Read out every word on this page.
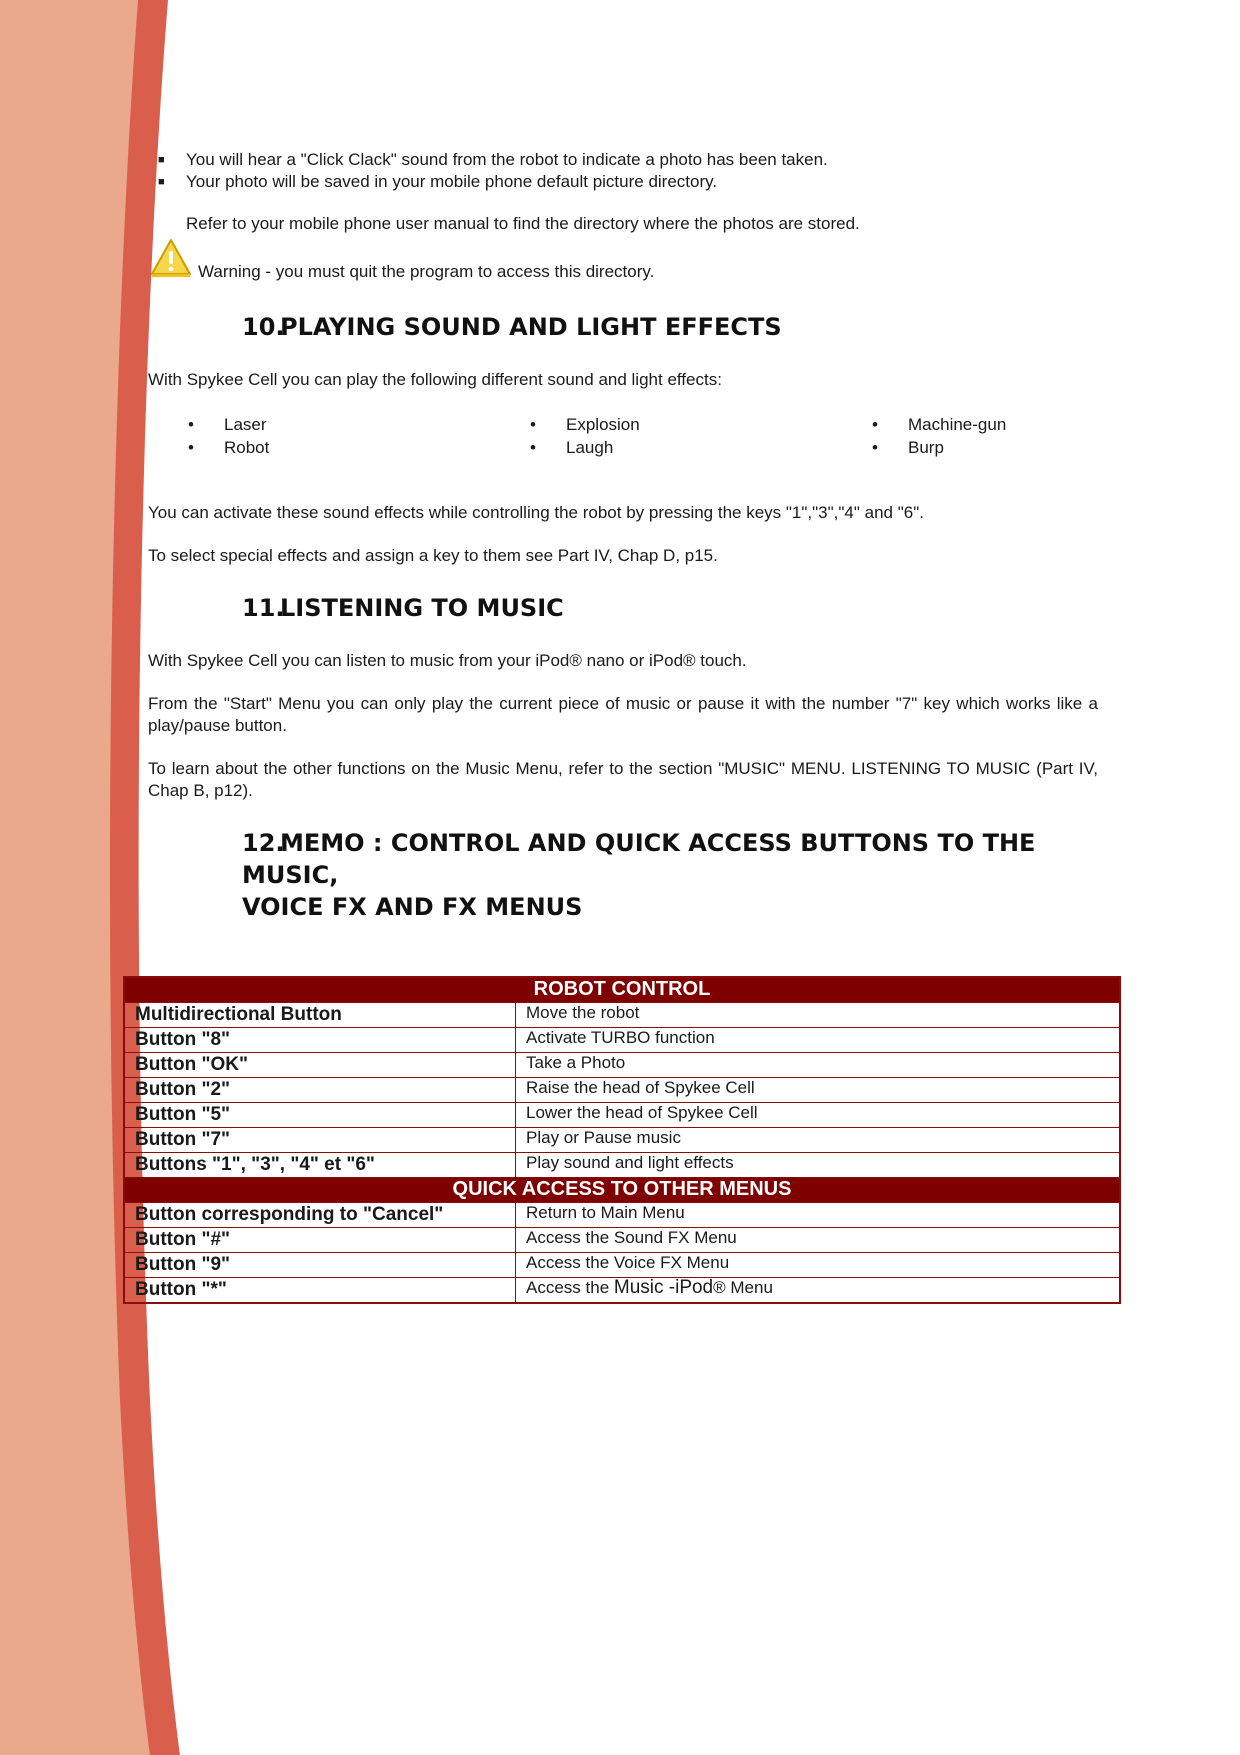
■ You will hear a "Click Clack" sound from the robot to indicate a photo has been taken.
■ Your photo will be saved in your mobile phone default picture directory.
Refer to your mobile phone user manual to find the directory where the photos are stored.
Warning - you must quit the program to access this directory.
10.PLAYING SOUND AND LIGHT EFFECTS
With Spykee Cell you can play the following different sound and light effects:
• Laser
• Robot
• Explosion
• Laugh
• Machine-gun
• Burp
You can activate these sound effects while controlling the robot by pressing the keys "1","3","4" and "6".
To select special effects and assign a key to them see Part IV, Chap D, p15.
11.LISTENING TO MUSIC
With Spykee Cell you can listen to music from your iPod® nano or iPod® touch.
From the "Start" Menu you can only play the current piece of music or pause it with the number "7" key which works like a play/pause button.
To learn about the other functions on the Music Menu, refer to the section "MUSIC" MENU. LISTENING TO MUSIC (Part IV, Chap B, p12).
12.MEMO : CONTROL AND QUICK ACCESS BUTTONS TO THE MUSIC,
VOICE FX AND FX MENUS
ROBOT CONTROL	
Multidirectional Button	Move the robot
Button "8"	Activate TURBO function
Button "OK"	Take a Photo
Button "2"	Raise the head of Spykee Cell
Button "5"	Lower the head of Spykee Cell
Button "7"	Play or Pause music
Buttons "1", "3", "4" et "6"	Play sound and light effects
QUICK ACCESS TO OTHER MENUS	
Button corresponding to "Cancel"	Return to Main Menu
Button "#"	Access the Sound FX Menu
Button "9"	Access the Voice FX Menu
Button "*"	Access the Music -iPod® Menu
